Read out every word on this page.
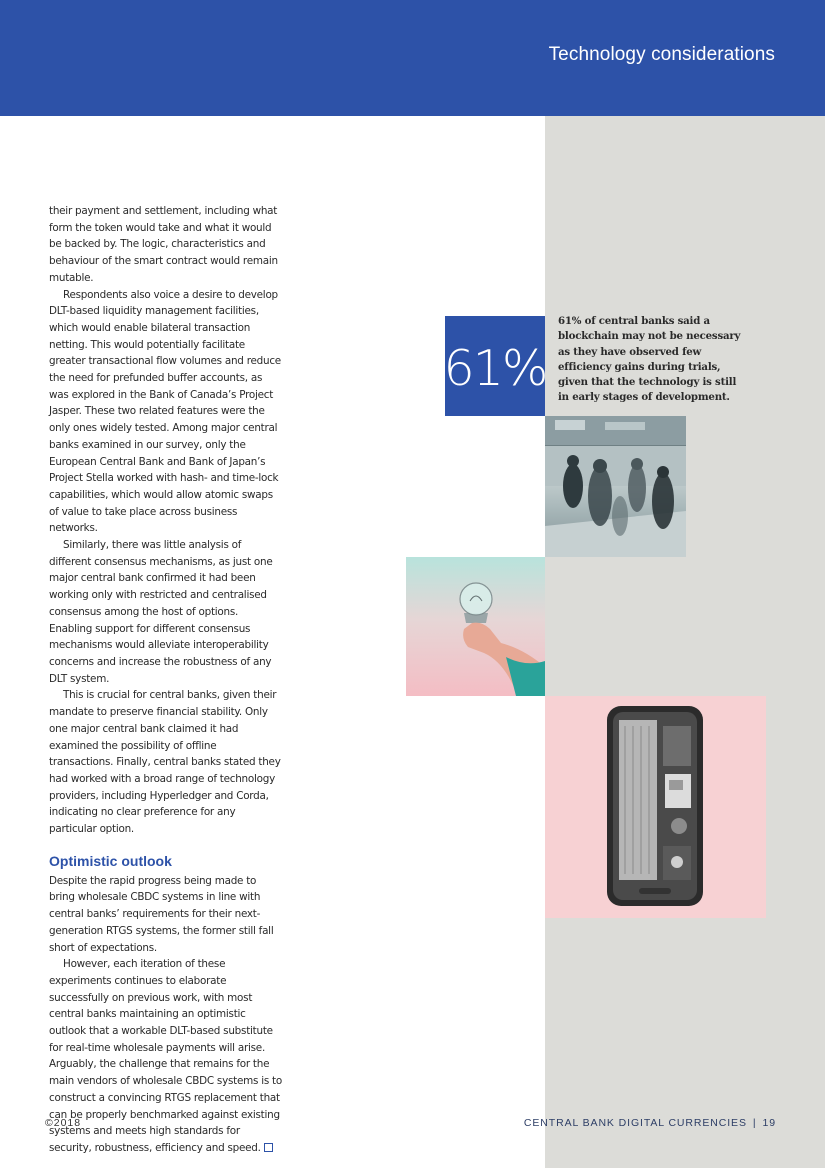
Technology considerations

their payment and settlement, including what form the token would take and what it would be backed by. The logic, characteristics and behaviour of the smart contract would remain mutable.

Respondents also voice a desire to develop DLT-based liquidity management facilities, which would enable bilateral transaction netting. This would potentially facilitate greater transactional flow volumes and reduce the need for prefunded buffer accounts, as was explored in the Bank of Canada’s Project Jasper. These two related features were the only ones widely tested. Among major central banks examined in our survey, only the European Central Bank and Bank of Japan’s Project Stella worked with hash- and time-lock capabilities, which would allow atomic swaps of value to take place across business networks.

Similarly, there was little analysis of different consensus mechanisms, as just one major central bank confirmed it had been working only with restricted and centralised consensus among the host of options. Enabling support for different consensus mechanisms would alleviate interoperability concerns and increase the robustness of any DLT system.

This is crucial for central banks, given their mandate to preserve financial stability. Only one major central bank claimed it had examined the possibility of offline transactions. Finally, central banks stated they had worked with a broad range of technology providers, including Hyperledger and Corda, indicating no clear preference for any particular option.

Optimistic outlook

Despite the rapid progress being made to bring wholesale CBDC systems in line with central banks’ requirements for their next-generation RTGS systems, the former still fall short of expectations.

However, each iteration of these experiments continues to elaborate successfully on previous work, with most central banks maintaining an optimistic outlook that a workable DLT-based substitute for real-time wholesale payments will arise. Arguably, the challenge that remains for the main vendors of wholesale CBDC systems is to construct a convincing RTGS replacement that can be properly benchmarked against existing systems and meets high standards for security, robustness, efficiency and speed.

61%
61% of central banks said a blockchain may not be necessary as they have observed few efficiency gains during trials, given that the technology is still in early stages of development.
©2018	CENTRAL BANK DIGITAL CURRENCIES | 19
